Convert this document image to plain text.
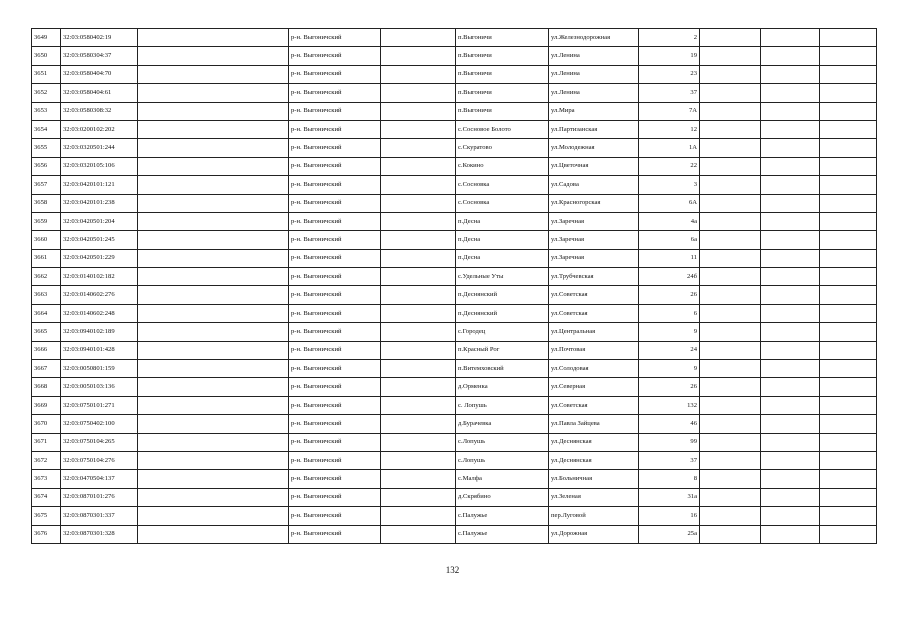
3649	32:03:0580402:19		р-н. Выгоничский		п.Выгоничи	ул.Железнодорожная	2			
3650	32:03:0580304:37		р-н. Выгоничский		п.Выгоничи	ул.Ленина	19			
3651	32:03:0580404:70		р-н. Выгоничский		п.Выгоничи	ул.Ленина	23			
3652	32:03:0580404:61		р-н. Выгоничский		п.Выгоничи	ул.Ленина	37			
3653	32:03:0580308:32		р-н. Выгоничский		п.Выгоничи	ул.Мира	7А			
3654	32:03:0200102:202		р-н. Выгоничский		с.Сосновое Болото	ул.Партизанская	12			
3655	32:03:0320501:244		р-н. Выгоничский		с.Скуратово	ул.Молодежная	1А			
3656	32:03:0320105:106		р-н. Выгоничский		с.Кокино	ул.Цветочная	22			
3657	32:03:0420101:121		р-н. Выгоничский		с.Сосновка	ул.Садова	3			
3658	32:03:0420101:238		р-н. Выгоничский		с.Сосновка	ул.Красногорская	6А			
3659	32:03:0420501:204		р-н. Выгоничский		п.Десна	ул.Заречная	4а			
3660	32:03:0420501:245		р-н. Выгоничский		п.Десна	ул.Заречная	6а			
3661	32:03:0420501:229		р-н. Выгоничский		п.Десна	ул.Заречная	11			
3662	32:03:0140102:182		р-н. Выгоничский		с.Удельные Уты	ул.Трубчевская	24б			
3663	32:03:0140602:276		р-н. Выгоничский		п.Деснянский	ул.Советская	26			
3664	32:03:0140602:248		р-н. Выгоничский		п.Деснянский	ул.Советская	6			
3665	32:03:0940102:189		р-н. Выгоничский		с.Городец	ул.Центральная	9			
3666	32:03:0940101:428		р-н. Выгоничский		п.Красный Рог	ул.Почтовая	24			
3667	32:03:0050801:159		р-н. Выгоничский		п.Витемховский	ул.Солодовая	9			
3668	32:03:0050103:136		р-н. Выгоничский		д.Орменка	ул.Северная	26			
3669	32:03:0750101:271		р-н. Выгоничский		с. Лопушь	ул.Советская	132			
3670	32:03:0750402:100		р-н. Выгоничский		д.Бурачевка	ул.Павла Зайцева	46			
3671	32:03:0750104:265		р-н. Выгоничский		с.Лопушь	ул.Деснянская	99			
3672	32:03:0750104:276		р-н. Выгоничский		с.Лопушь	ул.Деснянская	37			
3673	32:03:0470504:137		р-н. Выгоничский		с.Малфа	ул.Больничная	8			
3674	32:03:0870101:276		р-н. Выгоничский		д.Скрябино	ул.Зеленая	31а			
3675	32:03:0870301:337		р-н. Выгоничский		с.Палужье	пер.Луговой	16			
3676	32:03:0870301:328		р-н. Выгоничский		с.Палужье	ул.Дорожная	25а			
132
